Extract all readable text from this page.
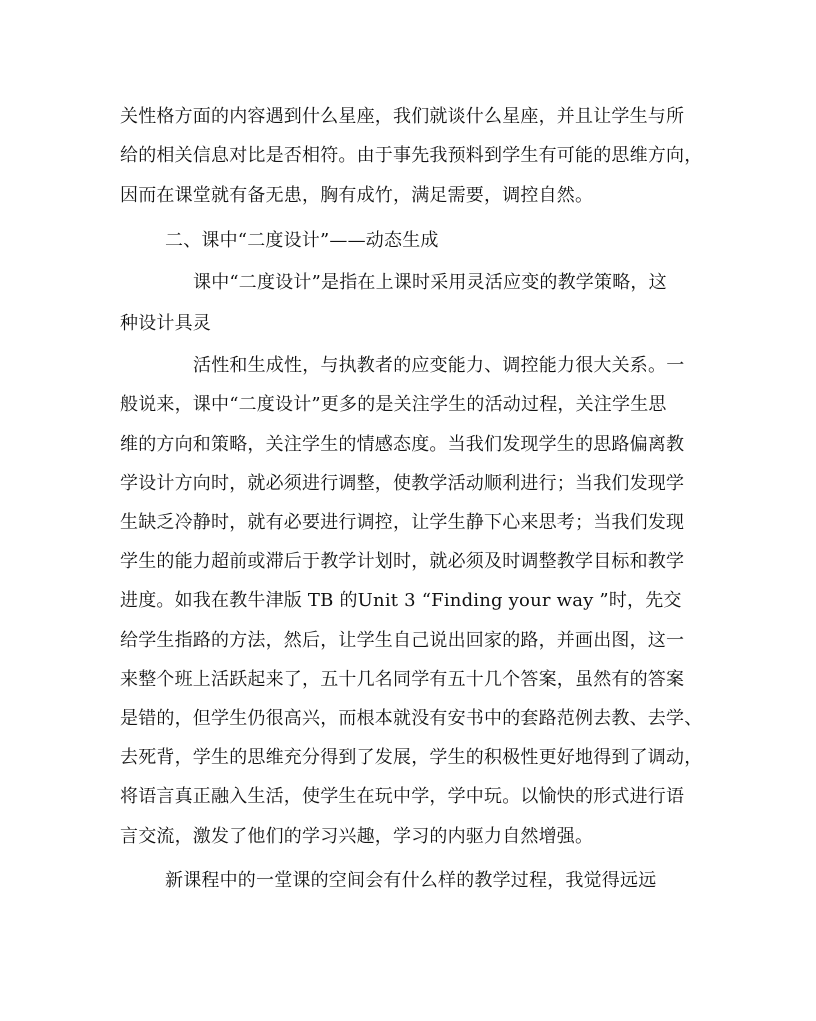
关性格方面的内容遇到什么星座，我们就谈什么星座，并且让学生与所
给的相关信息对比是否相符。由于事先我预料到学生有可能的思维方向，
因而在课堂就有备无患，胸有成竹，满足需要，调控自然。
二、课中“二度设计”——动态生成
课中“二度设计”是指在上课时采用灵活应变的教学策略，这
种设计具灵
活性和生成性，与执教者的应变能力、调控能力很大关系。一
般说来，课中“二度设计”更多的是关注学生的活动过程，关注学生思
维的方向和策略，关注学生的情感态度。当我们发现学生的思路偏离教
学设计方向时，就必须进行调整，使教学活动顺利进行；当我们发现学
生缺乏冷静时，就有必要进行调控，让学生静下心来思考；当我们发现
学生的能力超前或滞后于教学计划时，就必须及时调整教学目标和教学
进度。如我在教牛津版 TB 的Unit 3 “Finding your way ”时，先交
给学生指路的方法，然后，让学生自己说出回家的路，并画出图，这一
来整个班上活跃起来了，五十几名同学有五十几个答案，虽然有的答案
是错的，但学生仍很高兴，而根本就没有安书中的套路范例去教、去学、
去死背，学生的思维充分得到了发展，学生的积极性更好地得到了调动，
将语言真正融入生活，使学生在玩中学，学中玩。以愉快的形式进行语
言交流，激发了他们的学习兴趣，学习的内驱力自然增强。
新课程中的一堂课的空间会有什么样的教学过程，我觉得远远
